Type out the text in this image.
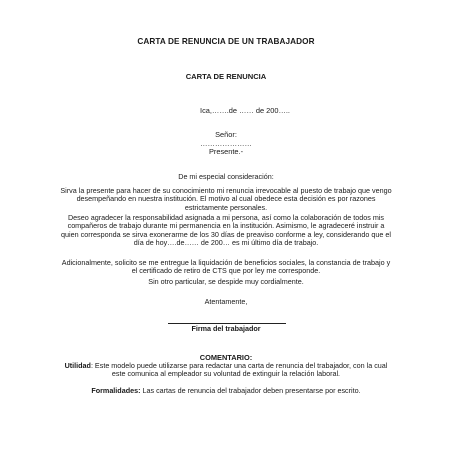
CARTA DE RENUNCIA DE UN TRABAJADOR
CARTA DE RENUNCIA
Ica,…….de …… de 200…..
Señor:
…………………
Presente.-
De mi especial consideración:
Sirva la presente para hacer de su conocimiento mi renuncia irrevocable al puesto de trabajo que vengo desempeñando en nuestra institución. El motivo al cual obedece esta decisión es por razones estrictamente personales.
Deseo agradecer la responsabilidad asignada a mi persona, así como la colaboración de todos mis compañeros de trabajo durante mi permanencia en la institución. Asimismo, le agradeceré instruir a quien corresponda se sirva exonerarme de los 30 días de preaviso conforme a ley, considerando que el día de hoy….de…… de 200… es mi último día de trabajo.
Adicionalmente, solicito se me entregue la liquidación de beneficios sociales, la constancia de trabajo y el certificado de retiro de CTS que por ley me corresponde.
Sin otro particular, se despide muy cordialmente.
Atentamente,
Firma del trabajador
COMENTARIO:
Utilidad: Este modelo puede utilizarse para redactar una carta de renuncia del trabajador, con la cual este comunica al empleador su voluntad de extinguir la relación laboral.
Formalidades: Las cartas de renuncia del trabajador deben presentarse por escrito.
